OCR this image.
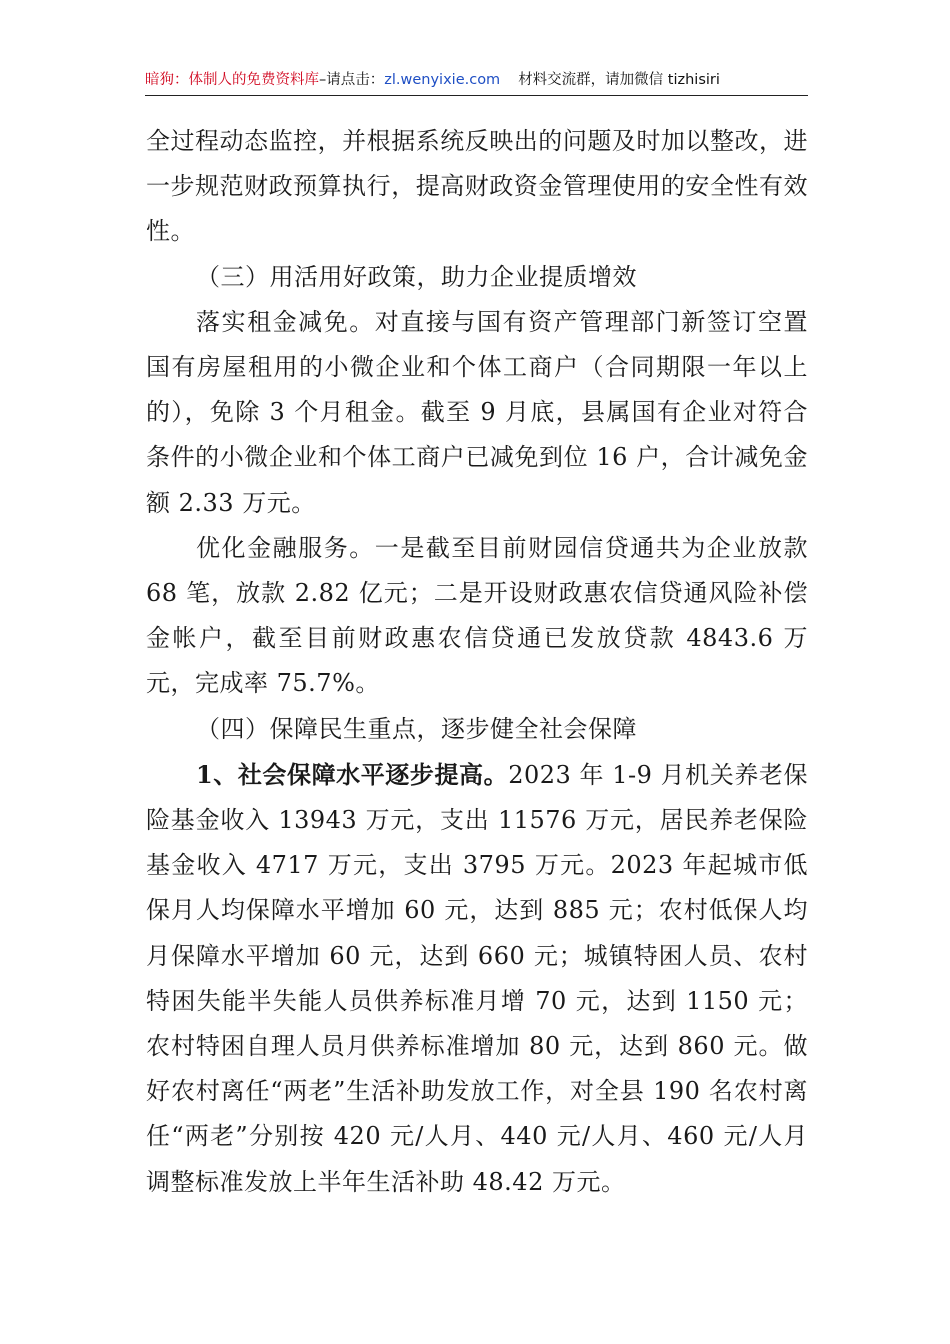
暗狗：体制人的免费资料库–请点击：zl.wenyixie.com 材料交流群，请加微信 tizhisiri

全过程动态监控，并根据系统反映出的问题及时加以整改，进一步规范财政预算执行，提高财政资金管理使用的安全性有效性。

（三）用活用好政策，助力企业提质增效

落实租金减免。对直接与国有资产管理部门新签订空置国有房屋租用的小微企业和个体工商户（合同期限一年以上的），免除 3 个月租金。截至 9 月底，县属国有企业对符合条件的小微企业和个体工商户已减免到位 16 户，合计减免金额 2.33 万元。

优化金融服务。一是截至目前财园信贷通共为企业放款 68 笔，放款 2.82 亿元；二是开设财政惠农信贷通风险补偿金帐户，截至目前财政惠农信贷通已发放贷款 4843.6 万元，完成率 75.7%。

（四）保障民生重点，逐步健全社会保障

1、社会保障水平逐步提高。2023 年 1-9 月机关养老保险基金收入 13943 万元，支出 11576 万元，居民养老保险基金收入 4717 万元，支出 3795 万元。2023 年起城市低保月人均保障水平增加 60 元，达到 885 元；农村低保人均月保障水平增加 60 元，达到 660 元；城镇特困人员、农村特困失能半失能人员供养标准月增 70 元，达到 1150 元；农村特困自理人员月供养标准增加 80 元，达到 860 元。做好农村离任“两老”生活补助发放工作，对全县 190 名农村离任“两老”分别按 420 元/人月、440 元/人月、460 元/人月调整标准发放上半年生活补助 48.42 万元。
